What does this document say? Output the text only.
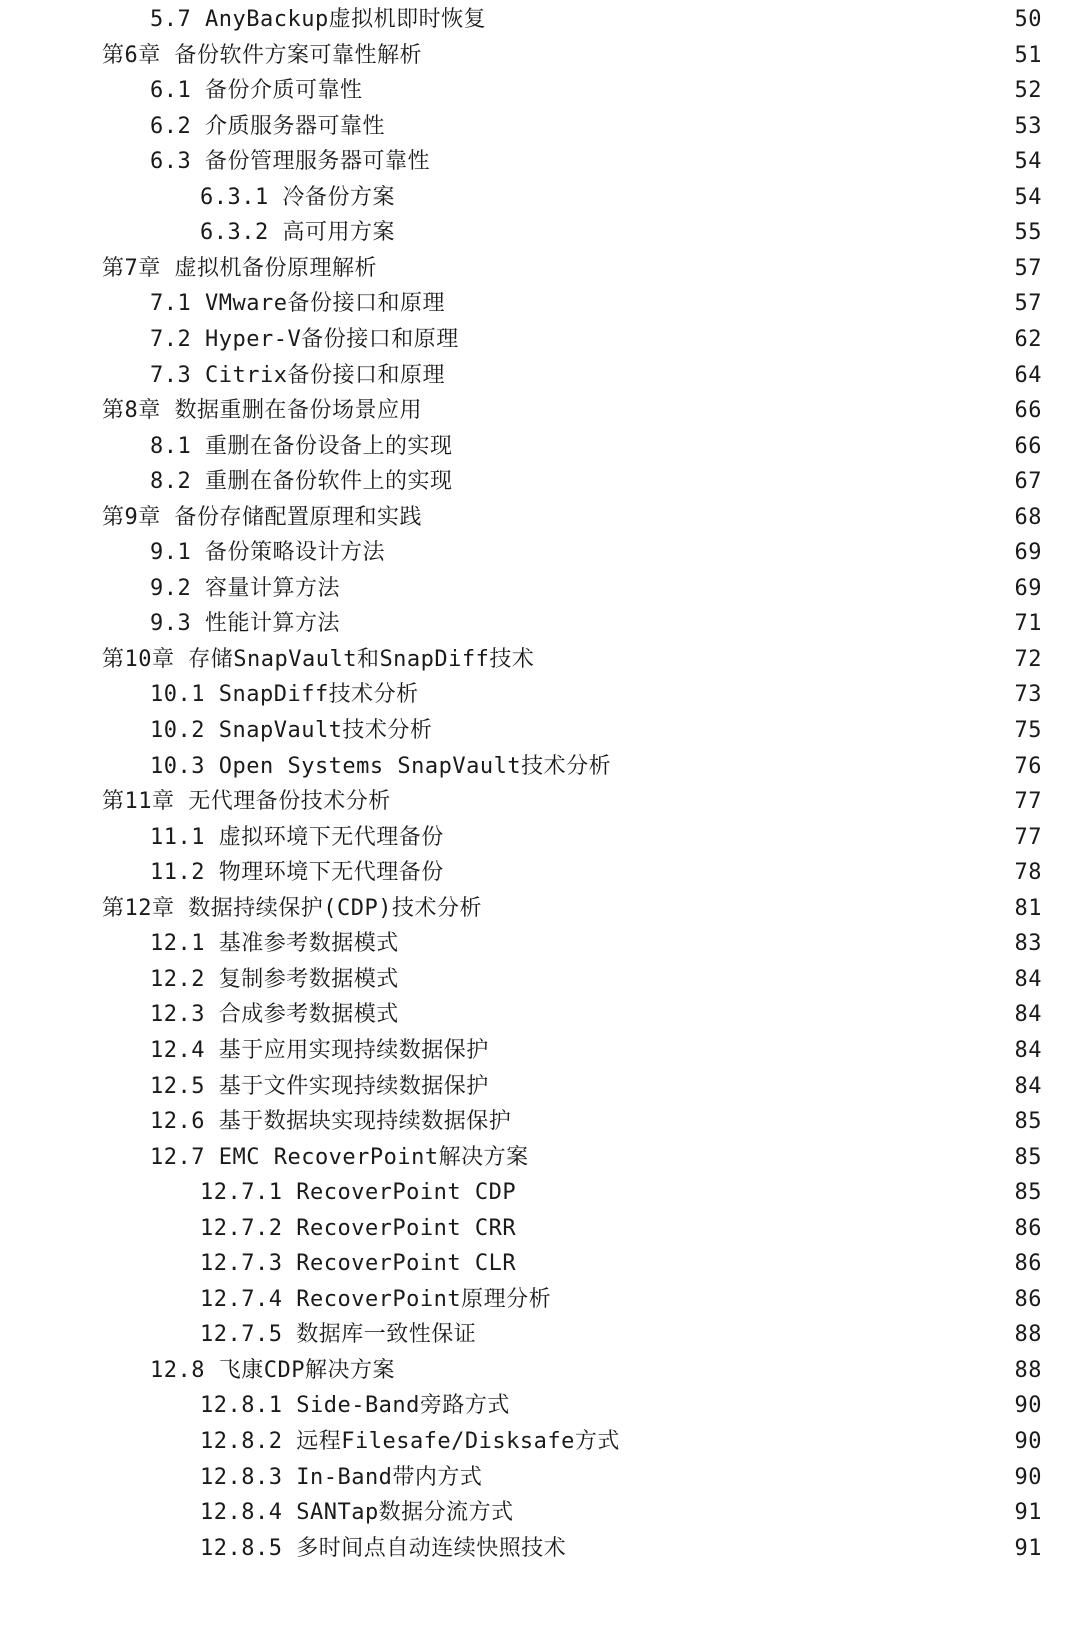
5.7 AnyBackup虚拟机即时恢复	50
第6章 备份软件方案可靠性解析	51
6.1 备份介质可靠性	52
6.2 介质服务器可靠性	53
6.3 备份管理服务器可靠性	54
6.3.1 冷备份方案	54
6.3.2 高可用方案	55
第7章 虚拟机备份原理解析	57
7.1 VMware备份接口和原理	57
7.2 Hyper-V备份接口和原理	62
7.3 Citrix备份接口和原理	64
第8章 数据重删在备份场景应用	66
8.1 重删在备份设备上的实现	66
8.2 重删在备份软件上的实现	67
第9章 备份存储配置原理和实践	68
9.1 备份策略设计方法	69
9.2 容量计算方法	69
9.3 性能计算方法	71
第10章 存储SnapVault和SnapDiff技术	72
10.1 SnapDiff技术分析	73
10.2 SnapVault技术分析	75
10.3 Open Systems SnapVault技术分析	76
第11章 无代理备份技术分析	77
11.1 虚拟环境下无代理备份	77
11.2 物理环境下无代理备份	78
第12章 数据持续保护(CDP)技术分析	81
12.1 基准参考数据模式	83
12.2 复制参考数据模式	84
12.3 合成参考数据模式	84
12.4 基于应用实现持续数据保护	84
12.5 基于文件实现持续数据保护	84
12.6 基于数据块实现持续数据保护	85
12.7 EMC RecoverPoint解决方案	85
12.7.1 RecoverPoint CDP	85
12.7.2 RecoverPoint CRR	86
12.7.3 RecoverPoint CLR	86
12.7.4 RecoverPoint原理分析	86
12.7.5 数据库一致性保证	88
12.8 飞康CDP解决方案	88
12.8.1 Side-Band旁路方式	90
12.8.2 远程Filesafe/Disksafe方式	90
12.8.3 In-Band带内方式	90
12.8.4 SANTap数据分流方式	91
12.8.5 多时间点自动连续快照技术	91
